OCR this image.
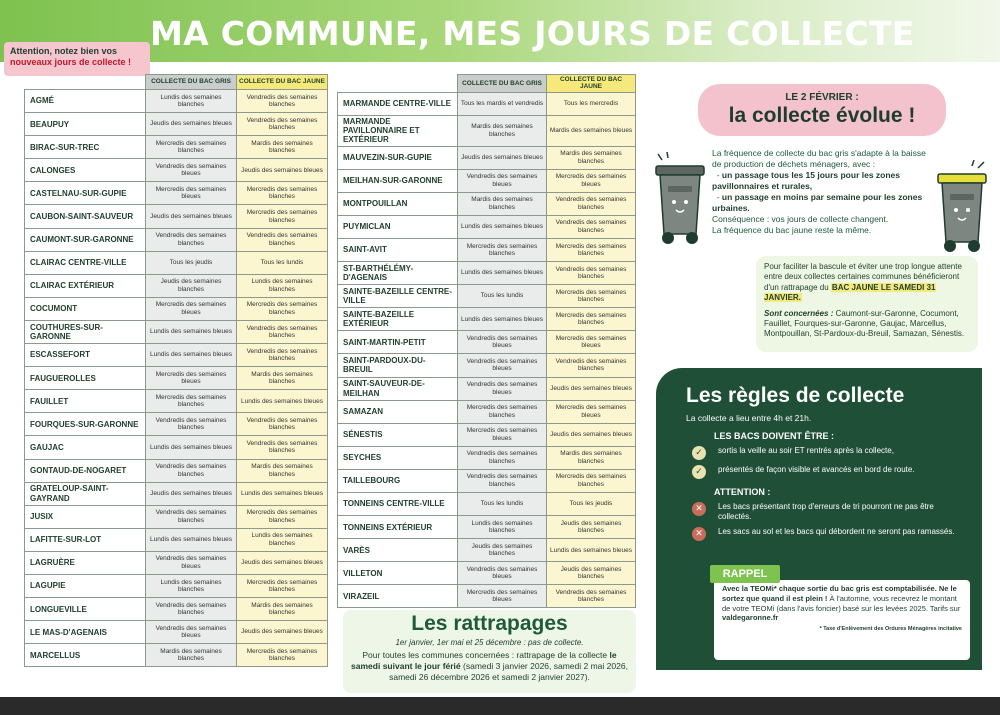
MA COMMUNE, MES JOURS DE COLLECTE
Attention, notez bien vos
nouveaux jours de collecte !
	COLLECTE DU BAC GRIS	COLLECTE DU BAC JAUNE
AGMÉ	Lundis des semaines blanches	Vendredis des semaines blanches
BEAUPUY	Jeudis des semaines bleues	Vendredis des semaines blanches
BIRAC-SUR-TREC	Mercredis des semaines blanches	Mardis des semaines blanches
CALONGES	Vendredis des semaines bleues	Jeudis des semaines bleues
CASTELNAU-SUR-GUPIE	Mercredis des semaines bleues	Mercredis des semaines blanches
CAUBON-SAINT-SAUVEUR	Jeudis des semaines bleues	Mercredis des semaines blanches
CAUMONT-SUR-GARONNE	Vendredis des semaines blanches	Vendredis des semaines blanches
CLAIRAC CENTRE-VILLE	Tous les jeudis	Tous les lundis
CLAIRAC EXTÉRIEUR	Jeudis des semaines blanches	Lundis des semaines blanches
COCUMONT	Mercredis des semaines bleues	Mercredis des semaines blanches
COUTHURES-SUR-GARONNE	Lundis des semaines bleues	Vendredis des semaines blanches
ESCASSEFORT	Lundis des semaines bleues	Vendredis des semaines blanches
FAUGUEROLLES	Mercredis des semaines bleues	Mardis des semaines blanches
FAUILLET	Mercredis des semaines blanches	Lundis des semaines bleues
FOURQUES-SUR-GARONNE	Vendredis des semaines blanches	Vendredis des semaines blanches
GAUJAC	Lundis des semaines bleues	Vendredis des semaines blanches
GONTAUD-DE-NOGARET	Vendredis des semaines blanches	Mardis des semaines blanches
GRATELOUP-SAINT-GAYRAND	Jeudis des semaines bleues	Lundis des semaines bleues
JUSIX	Vendredis des semaines blanches	Mercredis des semaines blanches
LAFITTE-SUR-LOT	Lundis des semaines bleues	Lundis des semaines blanches
LAGRUÈRE	Vendredis des semaines bleues	Jeudis des semaines bleues
LAGUPIE	Lundis des semaines blanches	Mercredis des semaines blanches
LONGUEVILLE	Vendredis des semaines blanches	Mardis des semaines blanches
LE MAS-D'AGENAIS	Vendredis des semaines bleues	Jeudis des semaines bleues
MARCELLUS	Mardis des semaines blanches	Mercredis des semaines blanches
	COLLECTE DU BAC GRIS	COLLECTE DU BAC JAUNE
MARMANDE CENTRE-VILLE	Tous les mardis et vendredis	Tous les mercredis
MARMANDE PAVILLONNAIRE ET EXTÉRIEUR	Mardis des semaines blanches	Mardis des semaines bleues
MAUVEZIN-SUR-GUPIE	Jeudis des semaines bleues	Mardis des semaines blanches
MEILHAN-SUR-GARONNE	Vendredis des semaines bleues	Mercredis des semaines bleues
MONTPOUILLAN	Mardis des semaines blanches	Vendredis des semaines blanches
PUYMICLAN	Lundis des semaines bleues	Vendredis des semaines blanches
SAINT-AVIT	Mercredis des semaines blanches	Mercredis des semaines blanches
ST-BARTHÉLÉMY-D'AGENAIS	Lundis des semaines bleues	Vendredis des semaines blanches
SAINTE-BAZEILLE CENTRE-VILLE	Tous les lundis	Mercredis des semaines blanches
SAINTE-BAZEILLE EXTÉRIEUR	Lundis des semaines bleues	Mercredis des semaines blanches
SAINT-MARTIN-PETIT	Vendredis des semaines bleues	Mercredis des semaines bleues
SAINT-PARDOUX-DU-BREUIL	Vendredis des semaines bleues	Vendredis des semaines blanches
SAINT-SAUVEUR-DE-MEILHAN	Vendredis des semaines bleues	Jeudis des semaines bleues
SAMAZAN	Mercredis des semaines blanches	Mercredis des semaines bleues
SÉNESTIS	Mercredis des semaines bleues	Jeudis des semaines bleues
SEYCHES	Vendredis des semaines blanches	Mardis des semaines blanches
TAILLEBOURG	Vendredis des semaines blanches	Mercredis des semaines blanches
TONNEINS CENTRE-VILLE	Tous les lundis	Tous les jeudis
TONNEINS EXTÉRIEUR	Lundis des semaines blanches	Jeudis des semaines blanches
VARÈS	Jeudis des semaines blanches	Lundis des semaines bleues
VILLETON	Vendredis des semaines bleues	Jeudis des semaines blanches
VIRAZEIL	Mercredis des semaines bleues	Vendredis des semaines blanches
Les rattrapages
1er janvier, 1er mai et 25 décembre : pas de collecte.
Pour toutes les communes concernées : rattrapage de la collecte le samedi suivant le jour férié (samedi 3 janvier 2026, samedi 2 mai 2026, samedi 26 décembre 2026 et samedi 2 janvier 2027).
LE 2 FÉVRIER :
la collecte évolue !
La fréquence de collecte du bac gris s'adapte à la baisse de production de déchets ménagers, avec :
- un passage tous les 15 jours pour les zones pavillonnaires et rurales,
- un passage en moins par semaine pour les zones urbaines.
Conséquence : vos jours de collecte changent.
La fréquence du bac jaune reste la même.
Pour faciliter la bascule et éviter une trop longue attente entre deux collectes certaines communes bénéficieront d'un rattrapage du BAC JAUNE LE SAMEDI 31 JANVIER.
Sont concernées : Caumont-sur-Garonne, Cocumont, Fauillet, Fourques-sur-Garonne, Gaujac, Marcellus, Montpouillan, St-Pardoux-du-Breuil, Samazan, Sénestis.
Les règles de collecte
La collecte a lieu entre 4h et 21h.
LES BACS DOIVENT ÊTRE :
✓	sortis la veille au soir ET rentrés après la collecte,
✓	présentés de façon visible et avancés en bord de route.
ATTENTION :
✕	Les bacs présentant trop d'erreurs de tri pourront ne pas être collectés.
✕	Les sacs au sol et les bacs qui débordent ne seront pas ramassés.
Avec la TEOMi* chaque sortie du bac gris est comptabilisée. Ne le sortez que quand il est plein ! À l'automne, vous recevrez le montant de votre TEOMi (dans l'avis foncier) basé sur les levées 2025. Tarifs sur valdegaronne.fr
* Taxe d'Enlèvement des Ordures Ménagères incitative
RAPPEL
